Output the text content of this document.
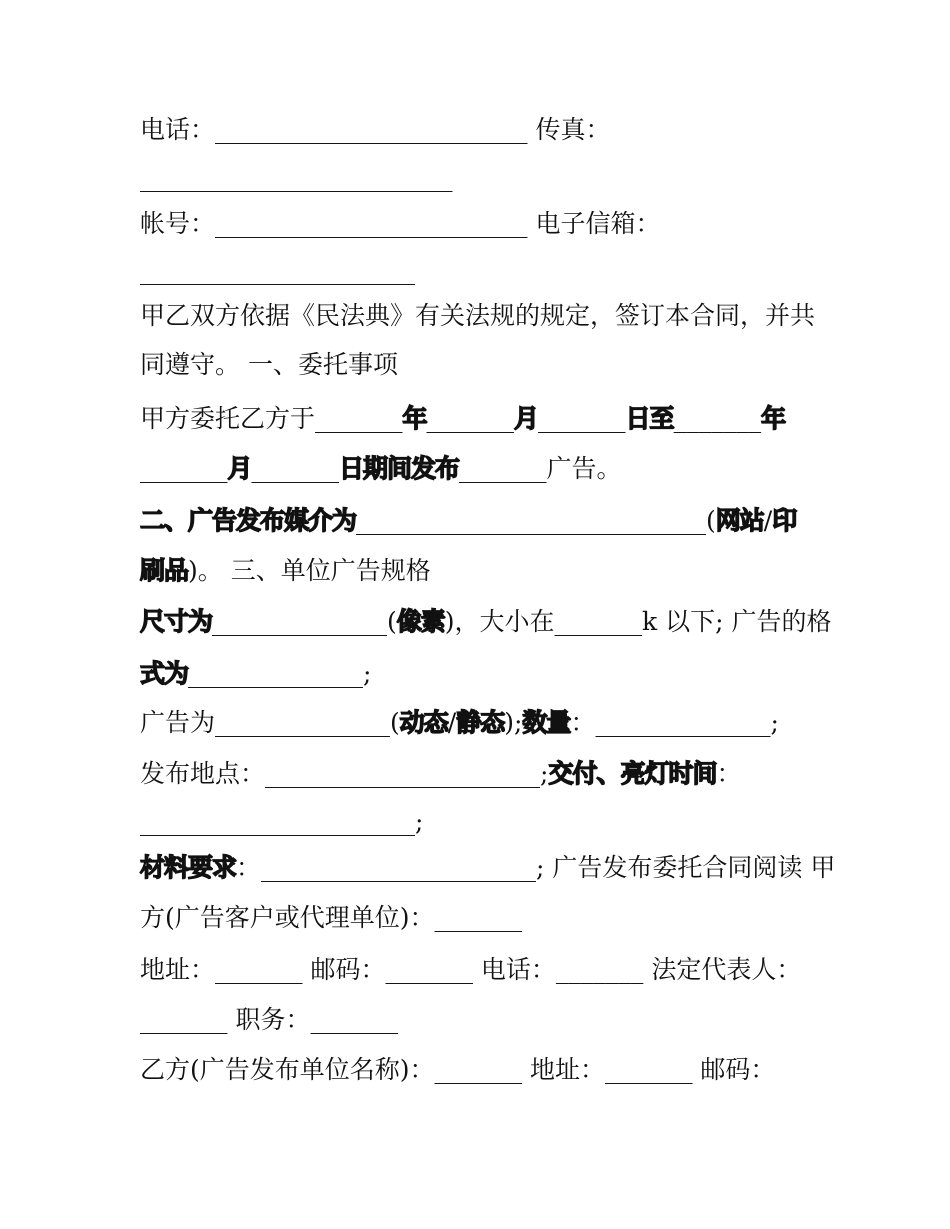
电话：_________________________ 传真：
_________________________
帐号：_________________________ 电子信箱：
______________________
甲乙双方依据《民法典》有关法规的规定，签订本合同，并共
同遵守。 一、委托事项
甲方委托乙方于_______年_______月_______日至_______年
_______月_______日期间发布_______广告。
二、广告发布媒介为____________________________(网站/印
刷品)。 三、单位广告规格
尺寸为______________(像素)，大小在_______k 以下; 广告的格
式为______________;
广告为______________(动态/静态);数量：______________;
发布地点：______________________;交付、亮灯时间：
______________________;
材料要求：______________________; 广告发布委托合同阅读 甲
方(广告客户或代理单位)：_______
地址：_______ 邮码：_______ 电话：_______ 法定代表人：
_______ 职务：_______
乙方(广告发布单位名称)：_______ 地址：_______ 邮码：
